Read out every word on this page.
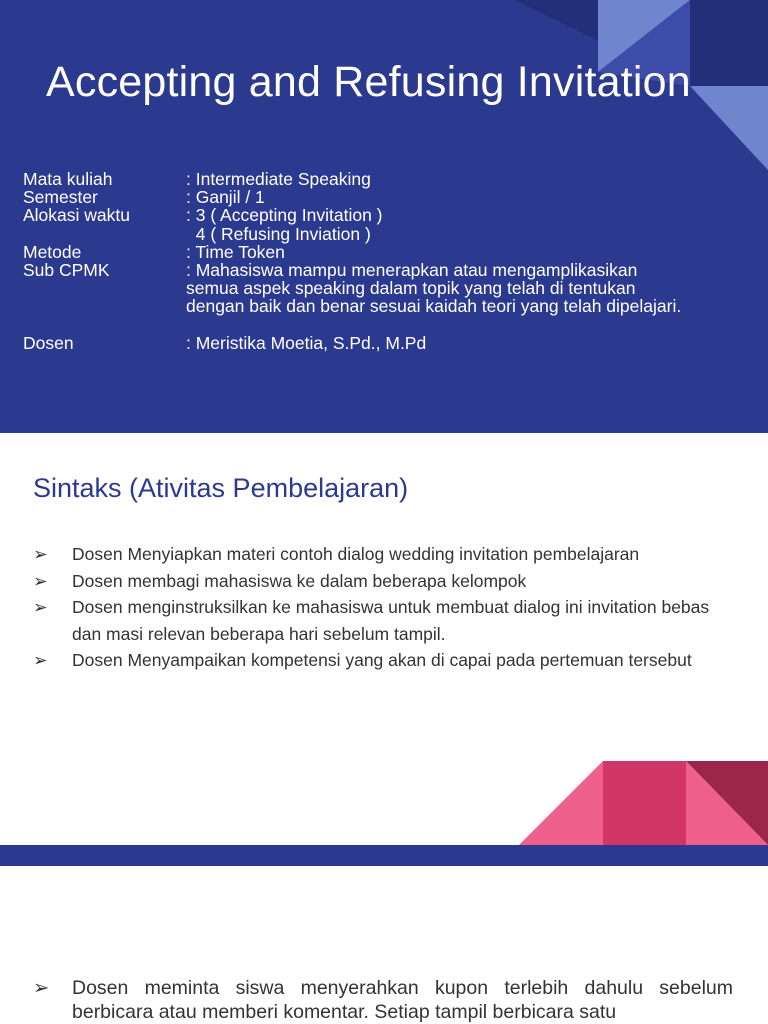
Accepting and Refusing Invitation
Mata kuliah	: Intermediate Speaking
Semester	: Ganjil / 1
Alokasi waktu	: 3 ( Accepting Invitation )
4 ( Refusing Inviation )
Metode	: Time Token
Sub CPMK	: Mahasiswa mampu menerapkan atau mengamplikasikan
semua aspek speaking dalam topik yang telah di tentukan
dengan baik dan benar sesuai kaidah teori yang telah dipelajari.
Dosen	: Meristika Moetia, S.Pd., M.Pd
Sintaks (Ativitas Pembelajaran)
➢ Dosen Menyiapkan materi contoh dialog wedding invitation pembelajaran
➢ Dosen membagi mahasiswa ke dalam beberapa kelompok
➢ Dosen menginstruksilkan ke mahasiswa untuk membuat dialog ini invitation bebas dan masi relevan beberapa hari sebelum tampil.
➢ Dosen Menyampaikan kompetensi yang akan di capai pada pertemuan tersebut
➢ Dosen meminta siswa menyerahkan kupon terlebih dahulu sebelum berbicara atau memberi komentar. Setiap tampil berbicara satu
